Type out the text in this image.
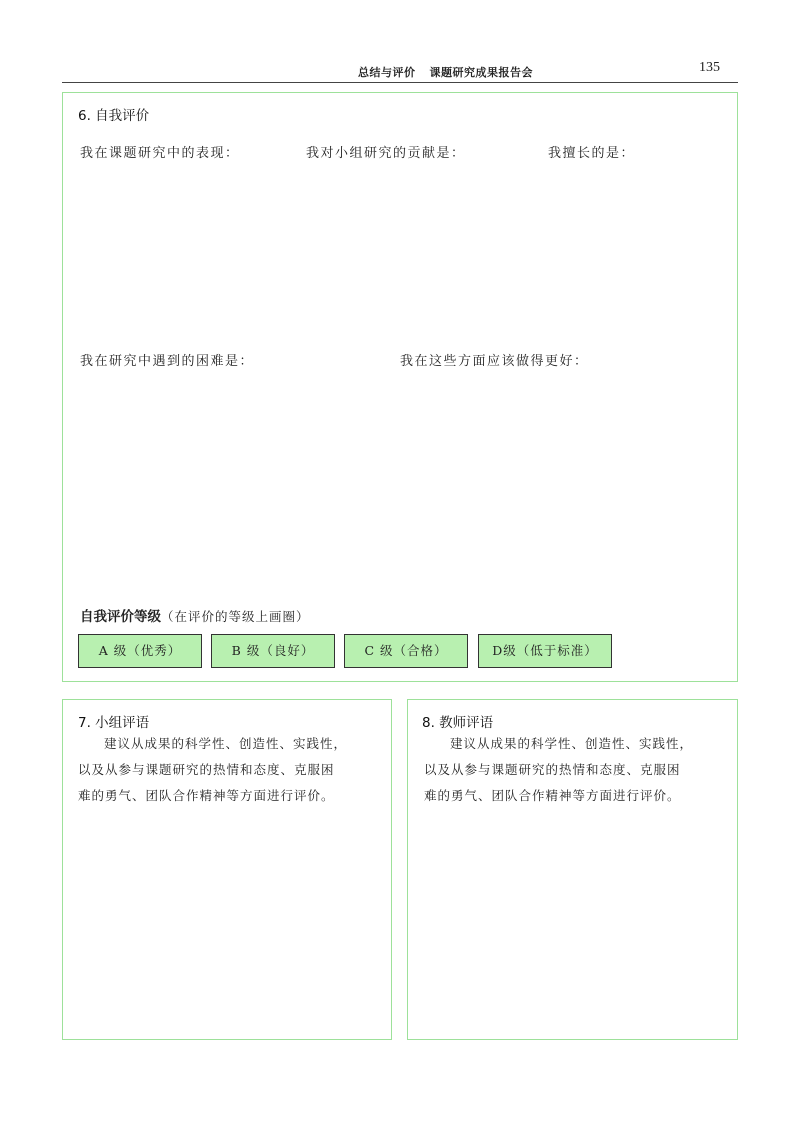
总结与评价 课题研究成果报告会	135
6. 自我评价
我在课题研究中的表现：	我对小组研究的贡献是：	我擅长的是：
我在研究中遇到的困难是：	我在这些方面应该做得更好：
自我评价等级（在评价的等级上画圈）
A 级（优秀）	B 级（良好）	C 级（合格）	D级（低于标准）
7. 小组评语
建议从成果的科学性、创造性、实践性，
以及从参与课题研究的热情和态度、克服困
难的勇气、团队合作精神等方面进行评价。
8. 教师评语
建议从成果的科学性、创造性、实践性，
以及从参与课题研究的热情和态度、克服困
难的勇气、团队合作精神等方面进行评价。
